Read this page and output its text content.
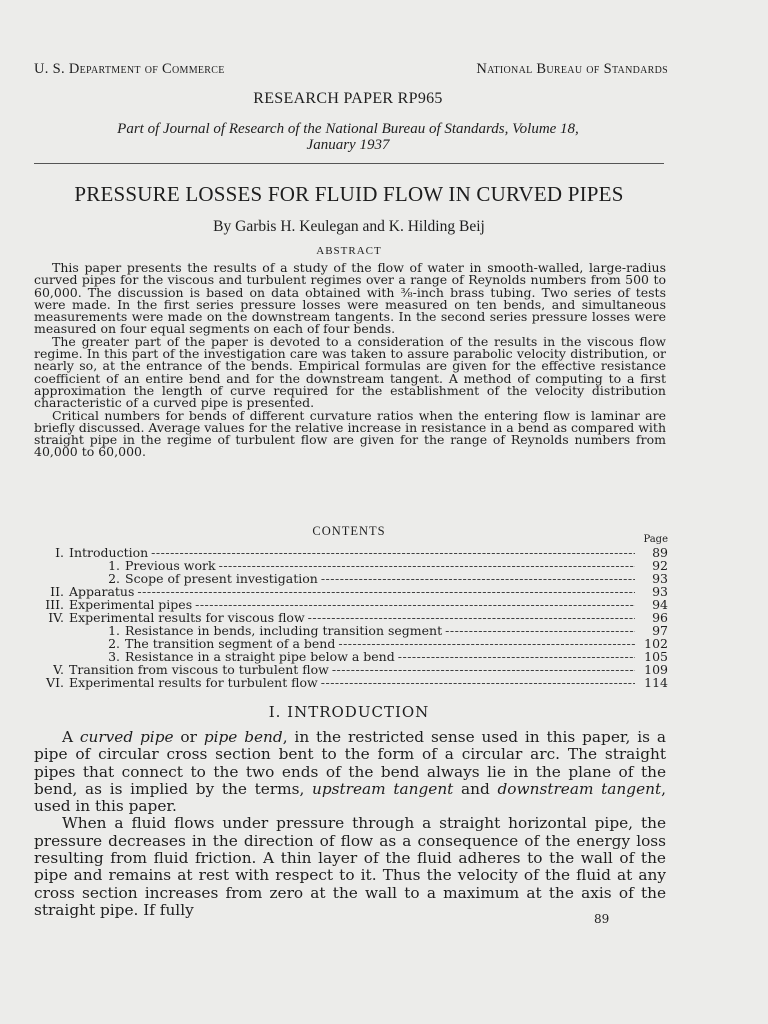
U. S. Department of Commerce	National Bureau of Standards
RESEARCH PAPER RP965
Part of Journal of Research of the National Bureau of Standards, Volume 18,
January 1937
PRESSURE LOSSES FOR FLUID FLOW IN CURVED PIPES
By Garbis H. Keulegan and K. Hilding Beij
ABSTRACT

This paper presents the results of a study of the flow of water in smooth-walled, large-radius curved pipes for the viscous and turbulent regimes over a range of Reynolds numbers from 500 to 60,000. The discussion is based on data obtained with ⅜-inch brass tubing. Two series of tests were made. In the first series pressure losses were measured on ten bends, and simultaneous measurements were made on the downstream tangents. In the second series pressure losses were measured on four equal segments on each of four bends.

The greater part of the paper is devoted to a consideration of the results in the viscous flow regime. In this part of the investigation care was taken to assure parabolic velocity distribution, or nearly so, at the entrance of the bends. Empirical formulas are given for the effective resistance coefficient of an entire bend and for the downstream tangent. A method of computing to a first approximation the length of curve required for the establishment of the velocity distribution characteristic of a curved pipe is presented.

Critical numbers for bends of different curvature ratios when the entering flow is laminar are briefly discussed. Average values for the relative increase in resistance in a bend as compared with straight pipe in the regime of turbulent flow are given for the range of Reynolds numbers from 40,000 to 60,000.

CONTENTS
Page
I. Introduction -----	89
1. Previous work -----	92
2. Scope of present investigation -----	93
II. Apparatus -----	93
III. Experimental pipes -----	94
IV. Experimental results for viscous flow -----	96
1. Resistance in bends, including transition segment -----	97
2. The transition segment of a bend -----	102
3. Resistance in a straight pipe below a bend -----	105
V. Transition from viscous to turbulent flow -----	109
VI. Experimental results for turbulent flow -----	114
I. INTRODUCTION

A curved pipe or pipe bend, in the restricted sense used in this paper, is a pipe of circular cross section bent to the form of a circular arc. The straight pipes that connect to the two ends of the bend always lie in the plane of the bend, as is implied by the terms, upstream tangent and downstream tangent, used in this paper.

When a fluid flows under pressure through a straight horizontal pipe, the pressure decreases in the direction of flow as a consequence of the energy loss resulting from fluid friction. A thin layer of the fluid adheres to the wall of the pipe and remains at rest with respect to it. Thus the velocity of the fluid at any cross section increases from zero at the wall to a maximum at the axis of the straight pipe. If fully

89
